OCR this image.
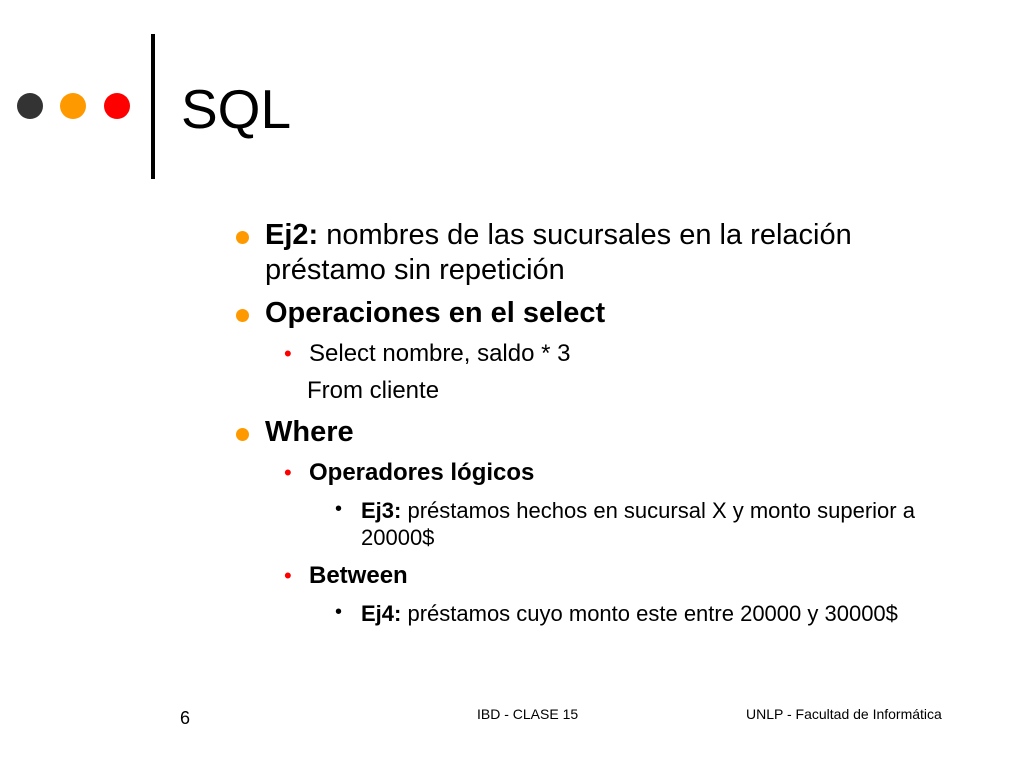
SQL
Ej2: nombres de las sucursales en la relación préstamo sin repetición
Operaciones en el select
• Select nombre, saldo * 3
From cliente
Where
• Operadores lógicos
• Ej3: préstamos hechos en sucursal X y monto superior a 20000$
• Between
• Ej4: préstamos cuyo monto este entre 20000 y 30000$
6	IBD - CLASE 15	UNLP - Facultad de Informática
